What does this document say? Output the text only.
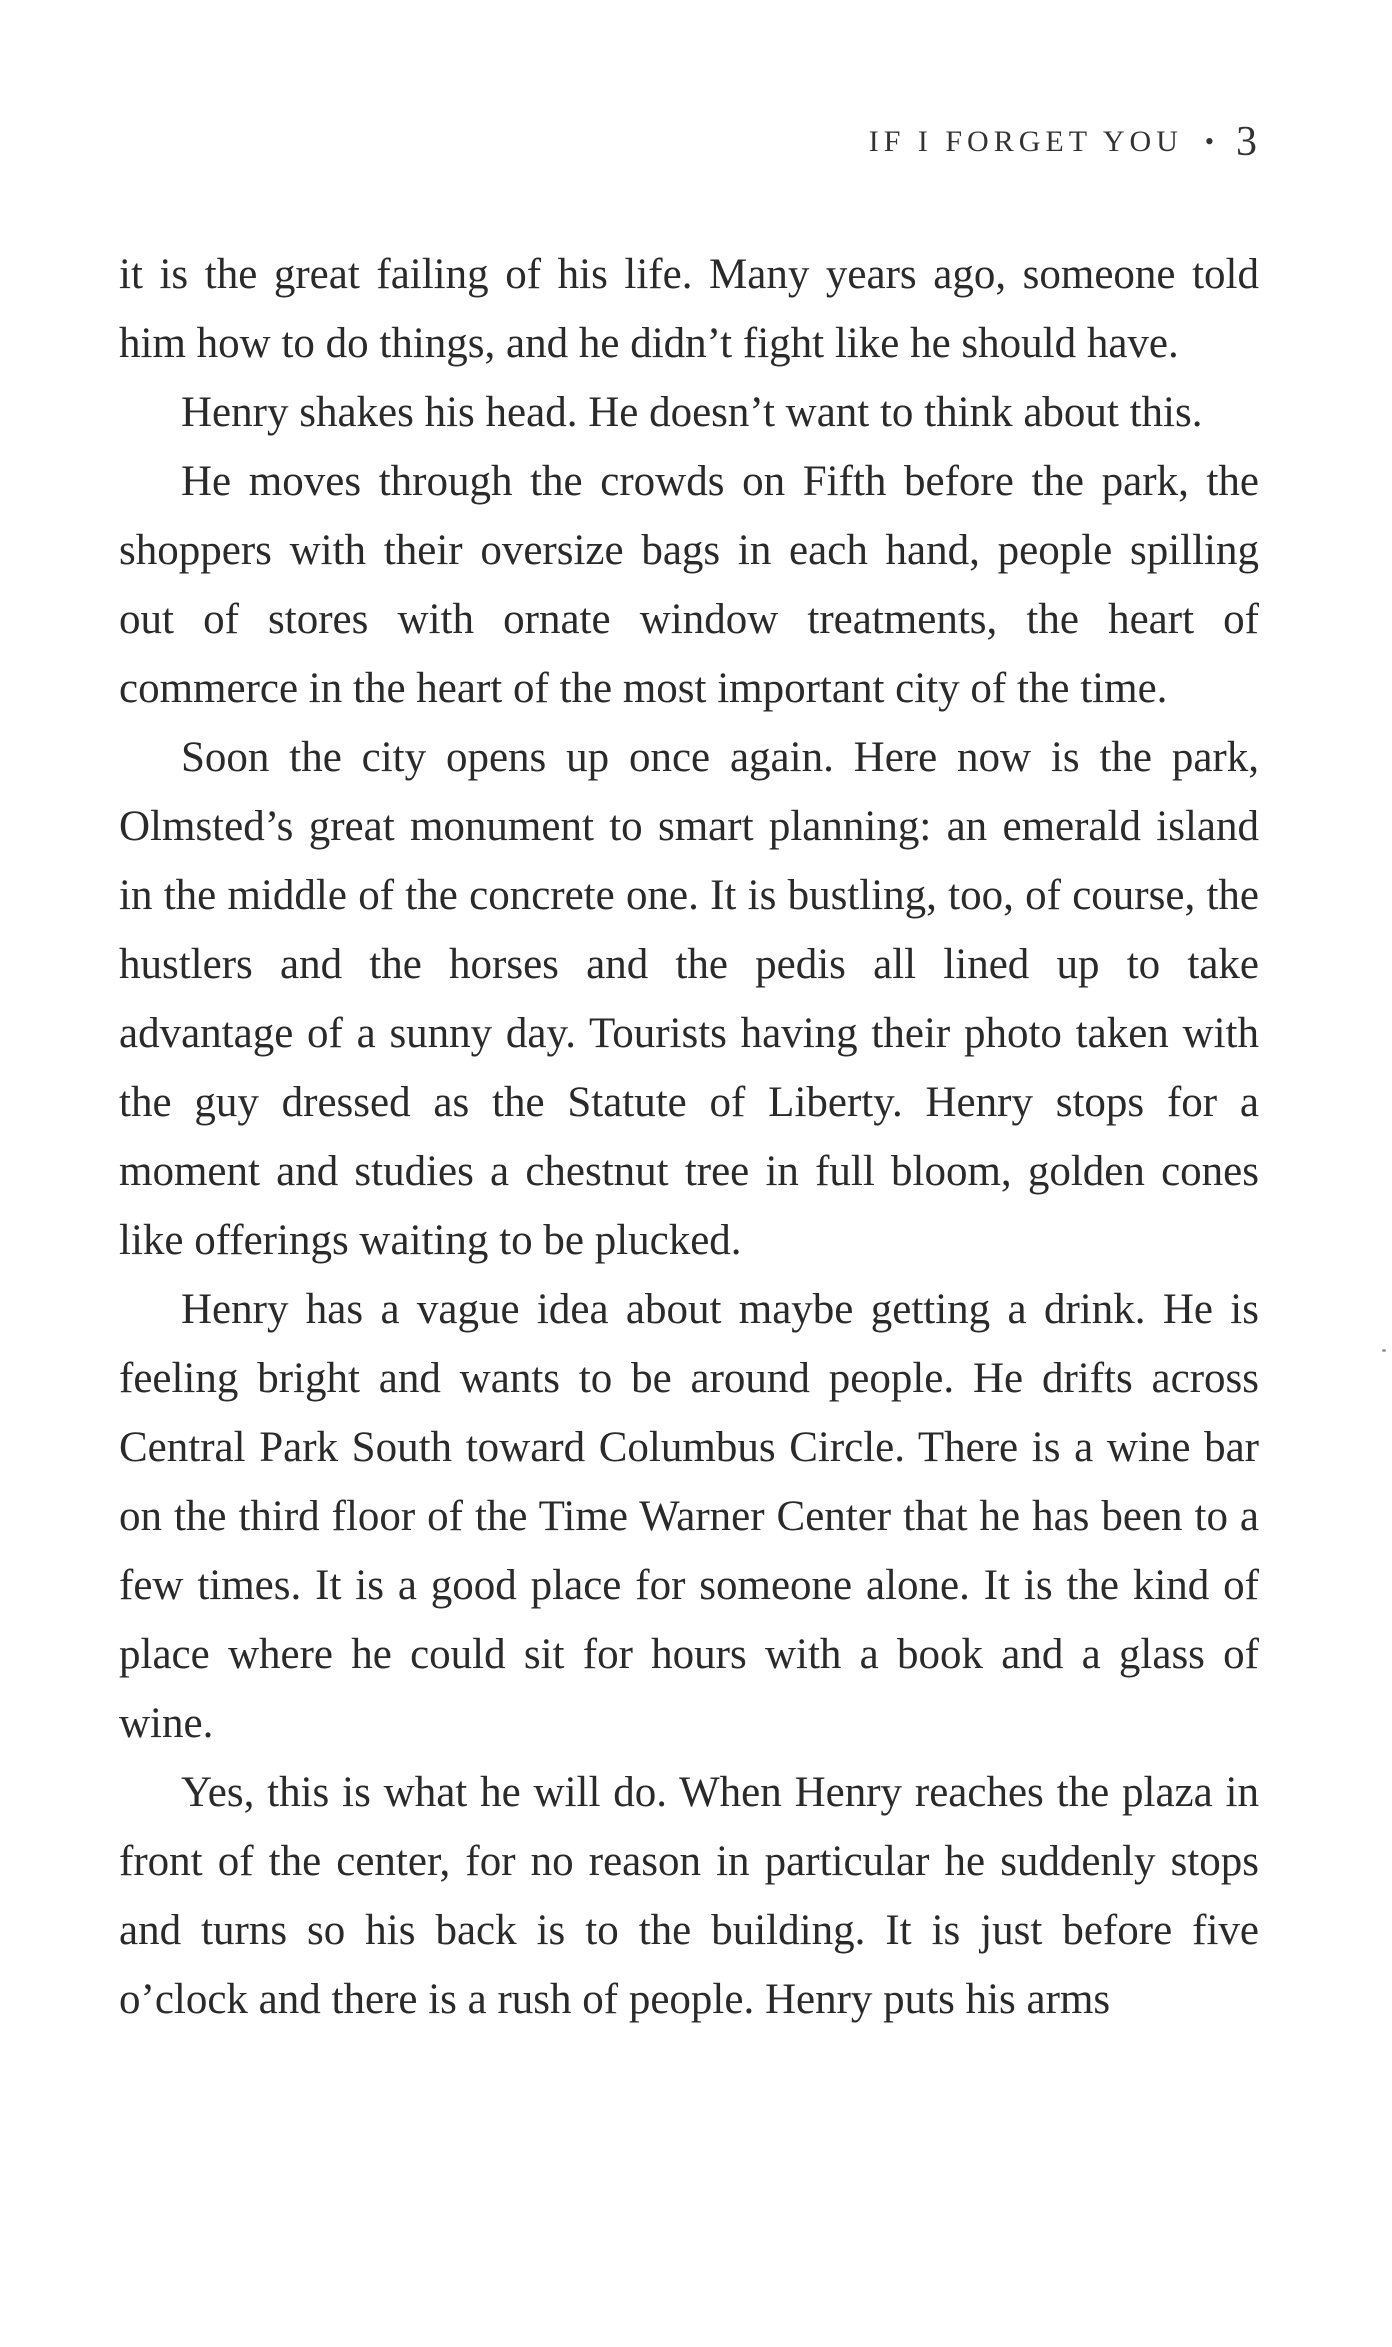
IF I FORGET YOU • 3

it is the great failing of his life. Many years ago, someone told him how to do things, and he didn’t fight like he should have.

Henry shakes his head. He doesn’t want to think about this.

He moves through the crowds on Fifth before the park, the shoppers with their oversize bags in each hand, people spilling out of stores with ornate window treatments, the heart of commerce in the heart of the most important city of the time.

Soon the city opens up once again. Here now is the park, Olmsted’s great monument to smart planning: an emerald island in the middle of the concrete one. It is bustling, too, of course, the hustlers and the horses and the pedis all lined up to take advantage of a sunny day. Tourists having their photo taken with the guy dressed as the Statute of Liberty. Henry stops for a moment and studies a chestnut tree in full bloom, golden cones like offerings waiting to be plucked.

Henry has a vague idea about maybe getting a drink. He is feeling bright and wants to be around people. He drifts across Central Park South toward Columbus Circle. There is a wine bar on the third floor of the Time Warner Center that he has been to a few times. It is a good place for someone alone. It is the kind of place where he could sit for hours with a book and a glass of wine.

Yes, this is what he will do. When Henry reaches the plaza in front of the center, for no reason in particular he suddenly stops and turns so his back is to the building. It is just before five o’clock and there is a rush of people. Henry puts his arms
